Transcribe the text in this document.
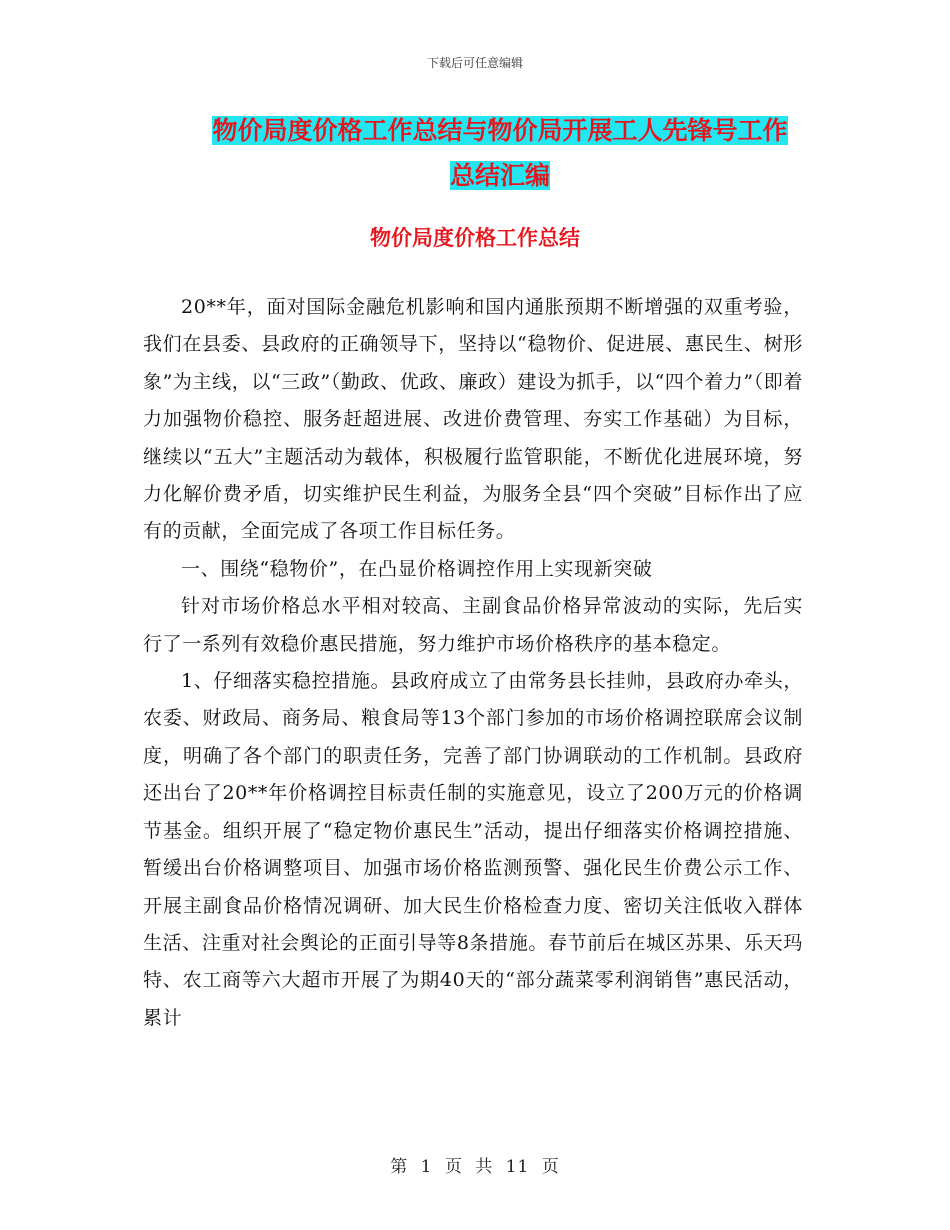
下载后可任意编辑
物价局度价格工作总结与物价局开展工人先锋号工作
总结汇编
物价局度价格工作总结

20**年，面对国际金融危机影响和国内通胀预期不断增强的双重考验，我们在县委、县政府的正确领导下，坚持以“稳物价、促进展、惠民生、树形象”为主线，以“三政”（勤政、优政、廉政）建设为抓手，以“四个着力”（即着力加强物价稳控、服务赶超进展、改进价费管理、夯实工作基础）为目标，继续以“五大”主题活动为载体，积极履行监管职能，不断优化进展环境，努力化解价费矛盾，切实维护民生利益，为服务全县“四个突破”目标作出了应有的贡献，全面完成了各项工作目标任务。

一、围绕“稳物价”，在凸显价格调控作用上实现新突破

针对市场价格总水平相对较高、主副食品价格异常波动的实际，先后实行了一系列有效稳价惠民措施，努力维护市场价格秩序的基本稳定。

1、仔细落实稳控措施。县政府成立了由常务县长挂帅，县政府办牵头，农委、财政局、商务局、粮食局等13个部门参加的市场价格调控联席会议制度，明确了各个部门的职责任务，完善了部门协调联动的工作机制。县政府还出台了20**年价格调控目标责任制的实施意见，设立了200万元的价格调节基金。组织开展了“稳定物价惠民生”活动，提出仔细落实价格调控措施、暂缓出台价格调整项目、加强市场价格监测预警、强化民生价费公示工作、开展主副食品价格情况调研、加大民生价格检查力度、密切关注低收入群体生活、注重对社会舆论的正面引导等8条措施。春节前后在城区苏果、乐天玛特、农工商等六大超市开展了为期40天的“部分蔬菜零利润销售”惠民活动，累计

第 1 页 共 11 页
